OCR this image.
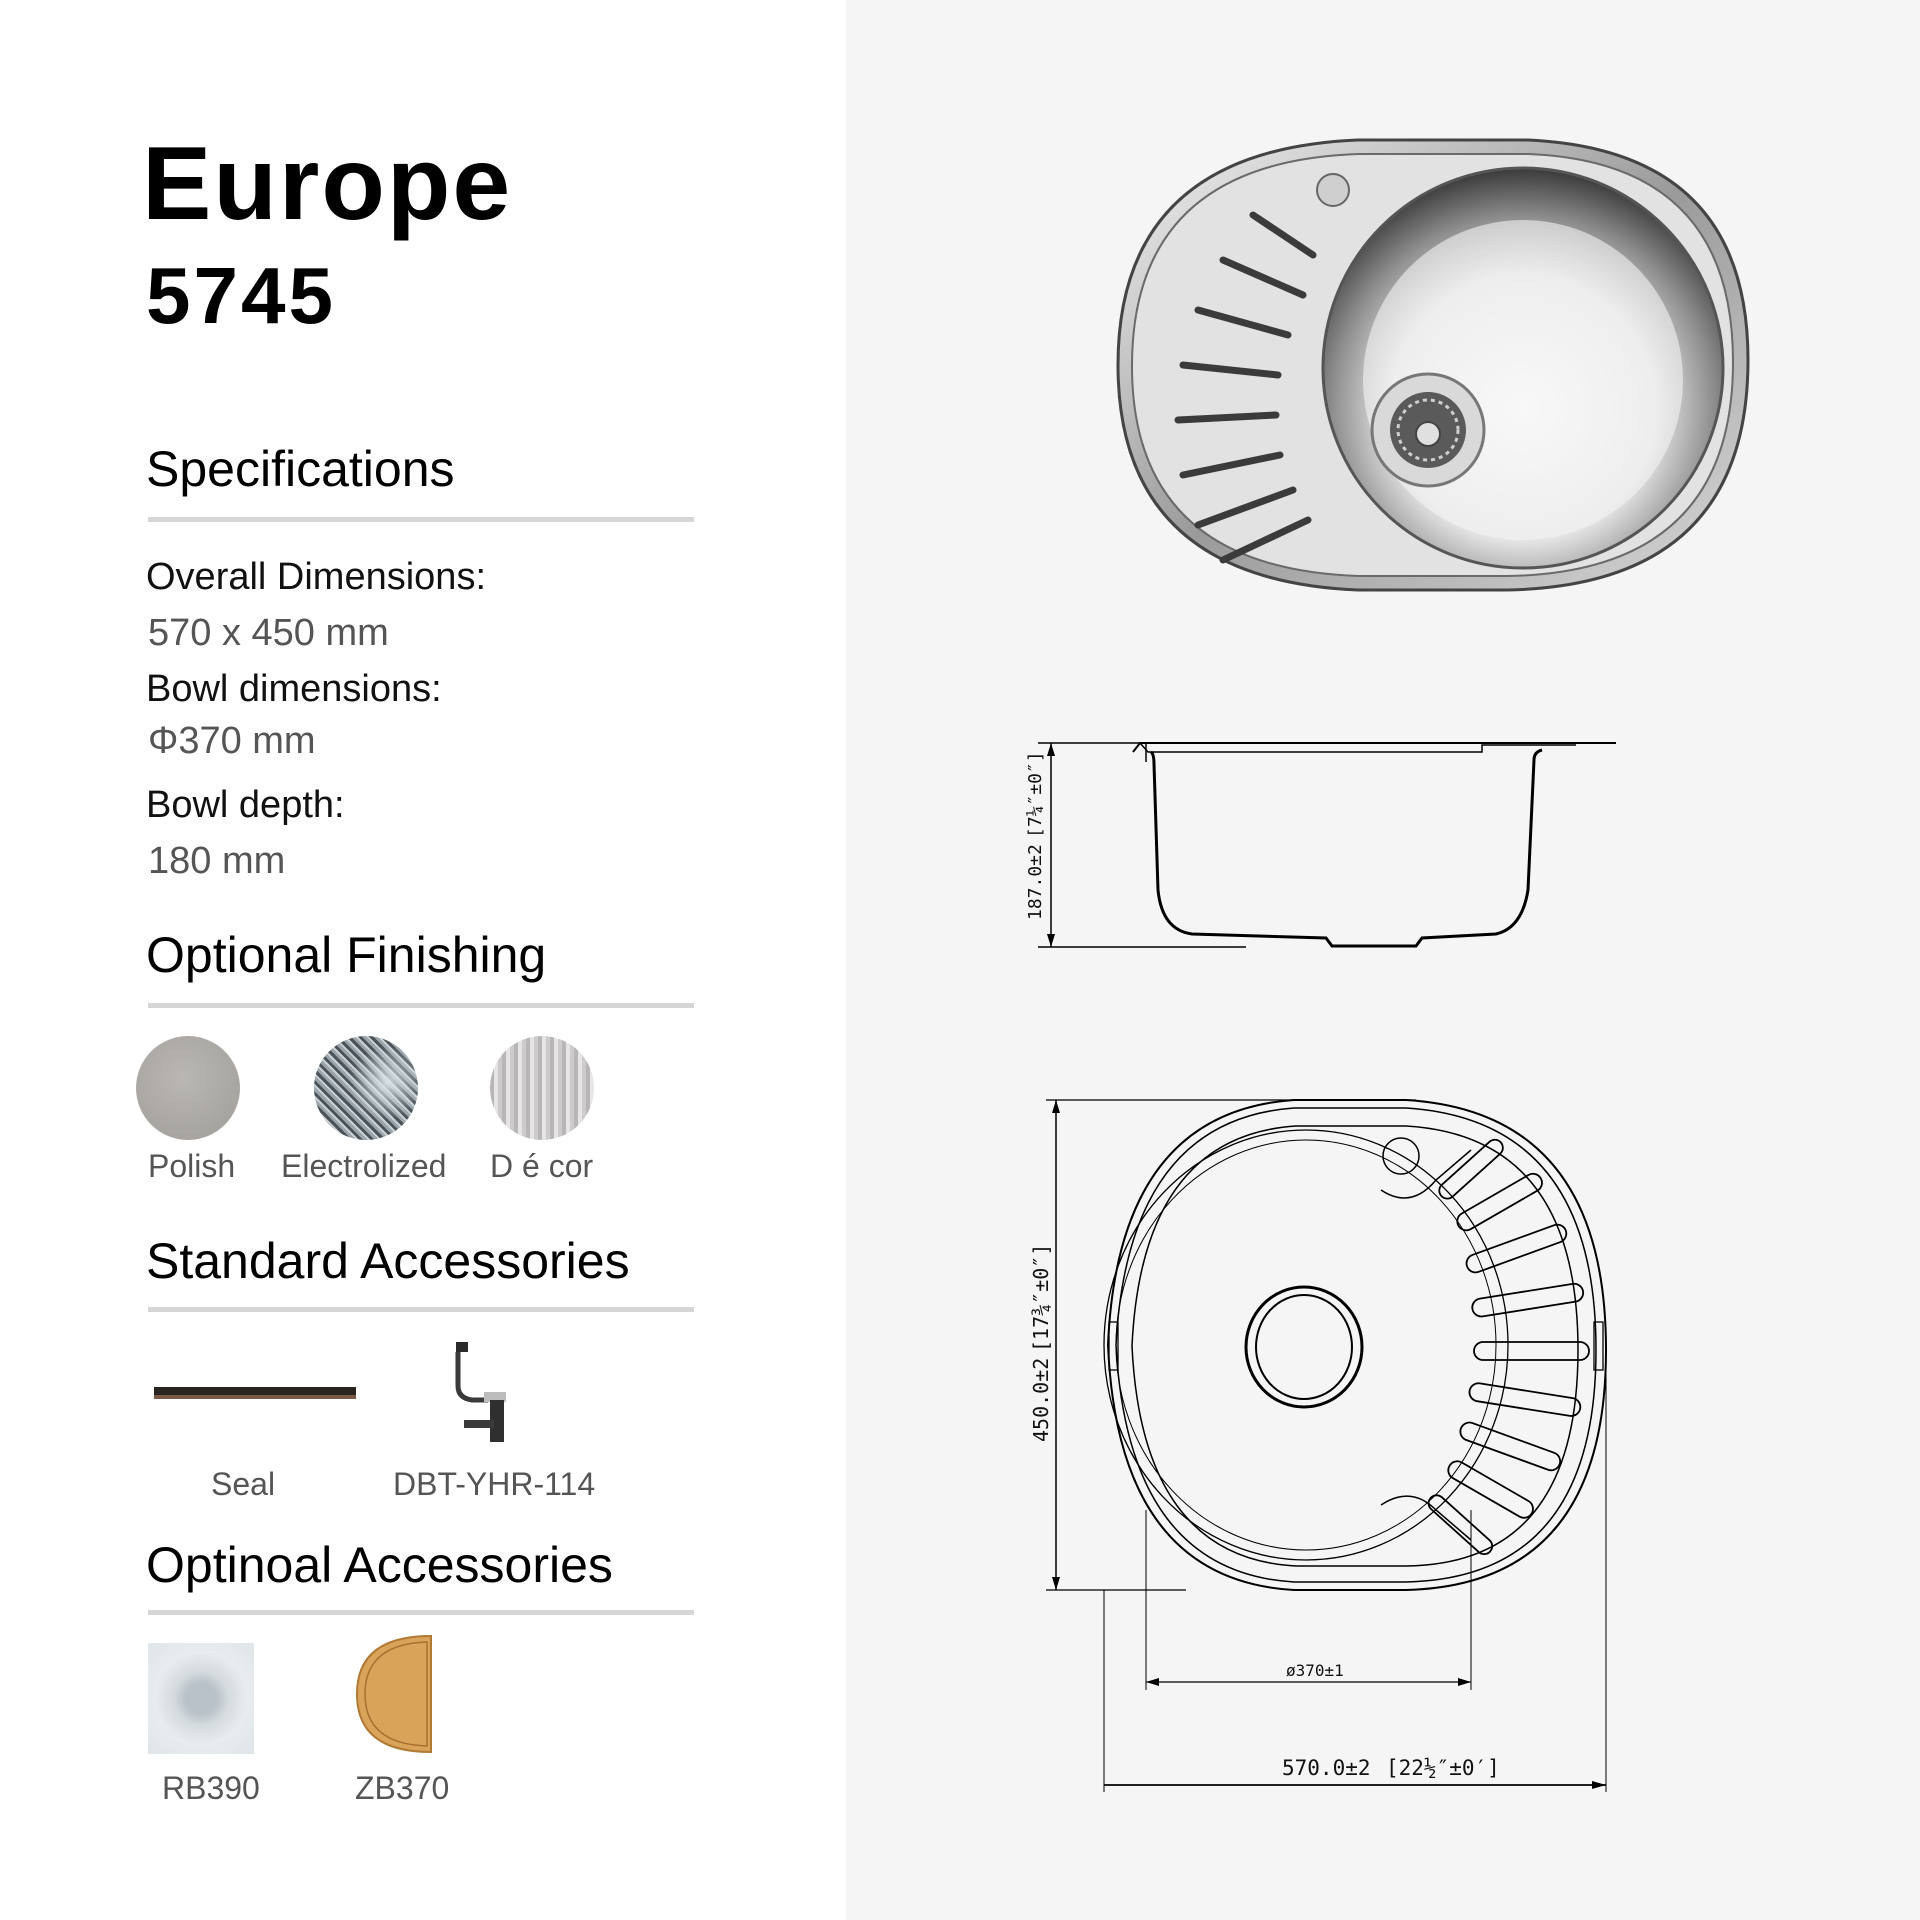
Europe
5745
Specifications
Overall Dimensions:
570 x 450 mm
Bowl dimensions:
Φ370 mm
Bowl depth:
180 mm
Optional Finishing
Polish Electrolized D é cor
Standard Accessories
Seal	DBT-YHR-114
Optinoal Accessories
RB390	ZB370
187.0±2
[7¼″±0″]
450.0±2
[17¾″±0″]
ø370±1
570.0±2 [22½″±0′]
